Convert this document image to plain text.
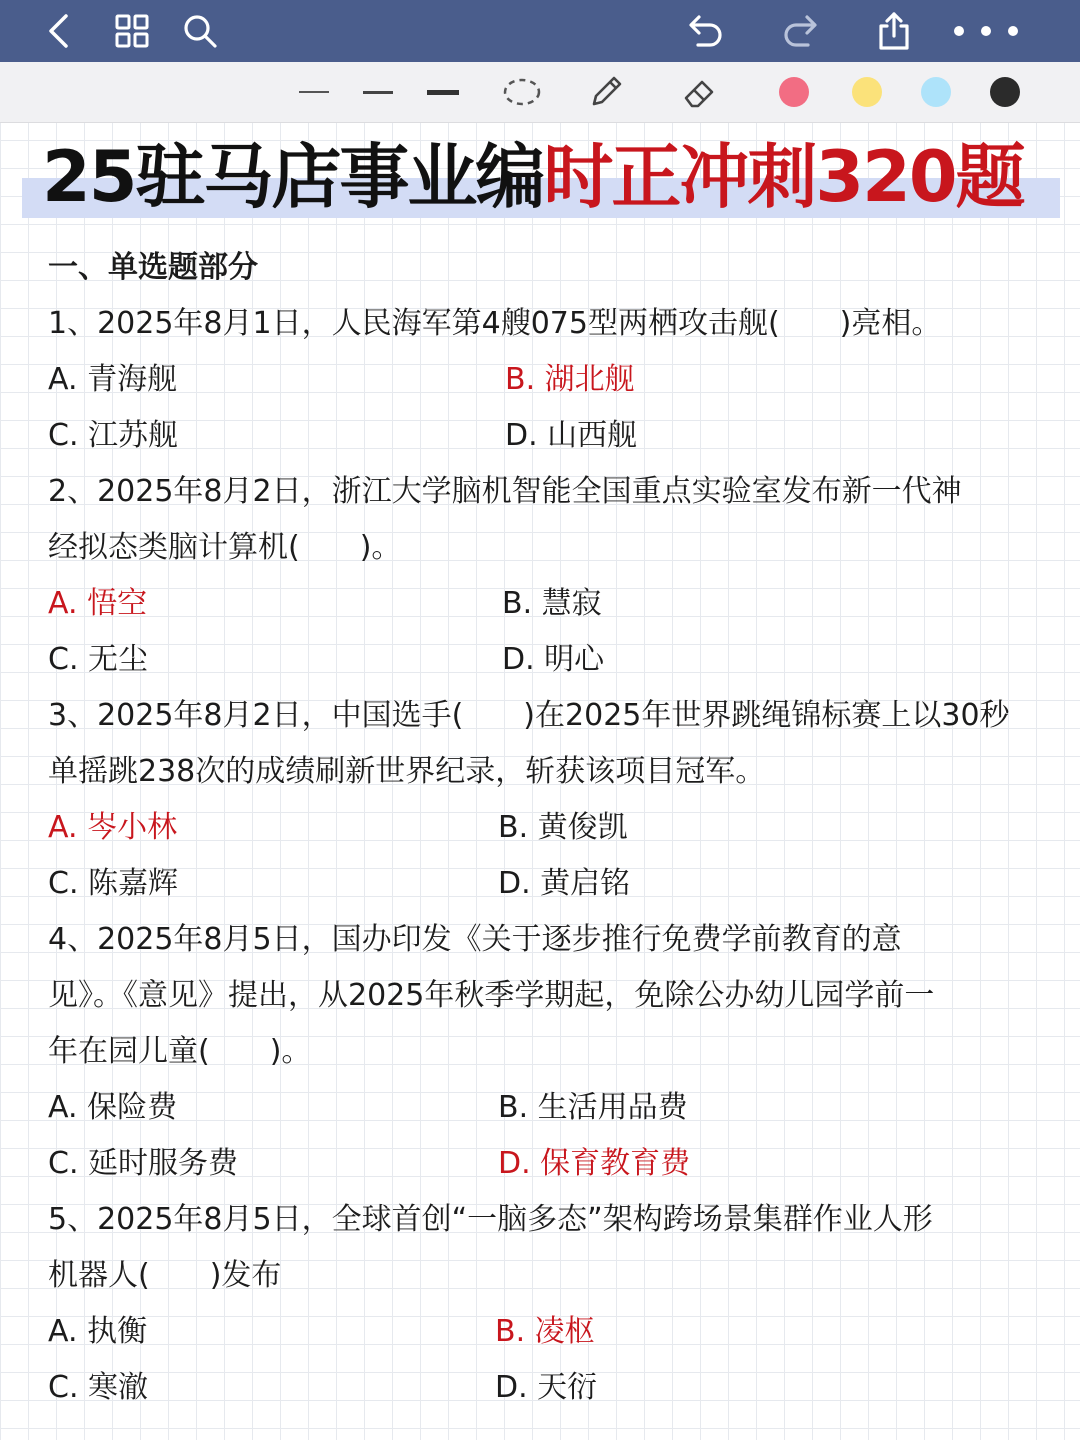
25驻马店事业编时正冲刺320题
一、单选题部分
1、2025年8月1日，人民海军第4艘075型两栖攻击舰(　　)亮相。
A. 青海舰	B. 湖北舰
C. 江苏舰	D. 山西舰
2、2025年8月2日，浙江大学脑机智能全国重点实验室发布新一代神
经拟态类脑计算机(　　)。
A. 悟空	B. 慧寂
C. 无尘	D. 明心
3、2025年8月2日，中国选手(　　)在2025年世界跳绳锦标赛上以30秒
单摇跳238次的成绩刷新世界纪录，斩获该项目冠军。
A. 岑小林	B. 黄俊凯
C. 陈嘉辉	D. 黄启铭
4、2025年8月5日，国办印发《关于逐步推行免费学前教育的意
见》。《意见》提出，从2025年秋季学期起，免除公办幼儿园学前一
年在园儿童(　　)。
A. 保险费	B. 生活用品费
C. 延时服务费	D. 保育教育费
5、2025年8月5日，全球首创“一脑多态”架构跨场景集群作业人形
机器人(　　)发布
A. 执衡	B. 凌枢
C. 寒澈	D. 天衍
